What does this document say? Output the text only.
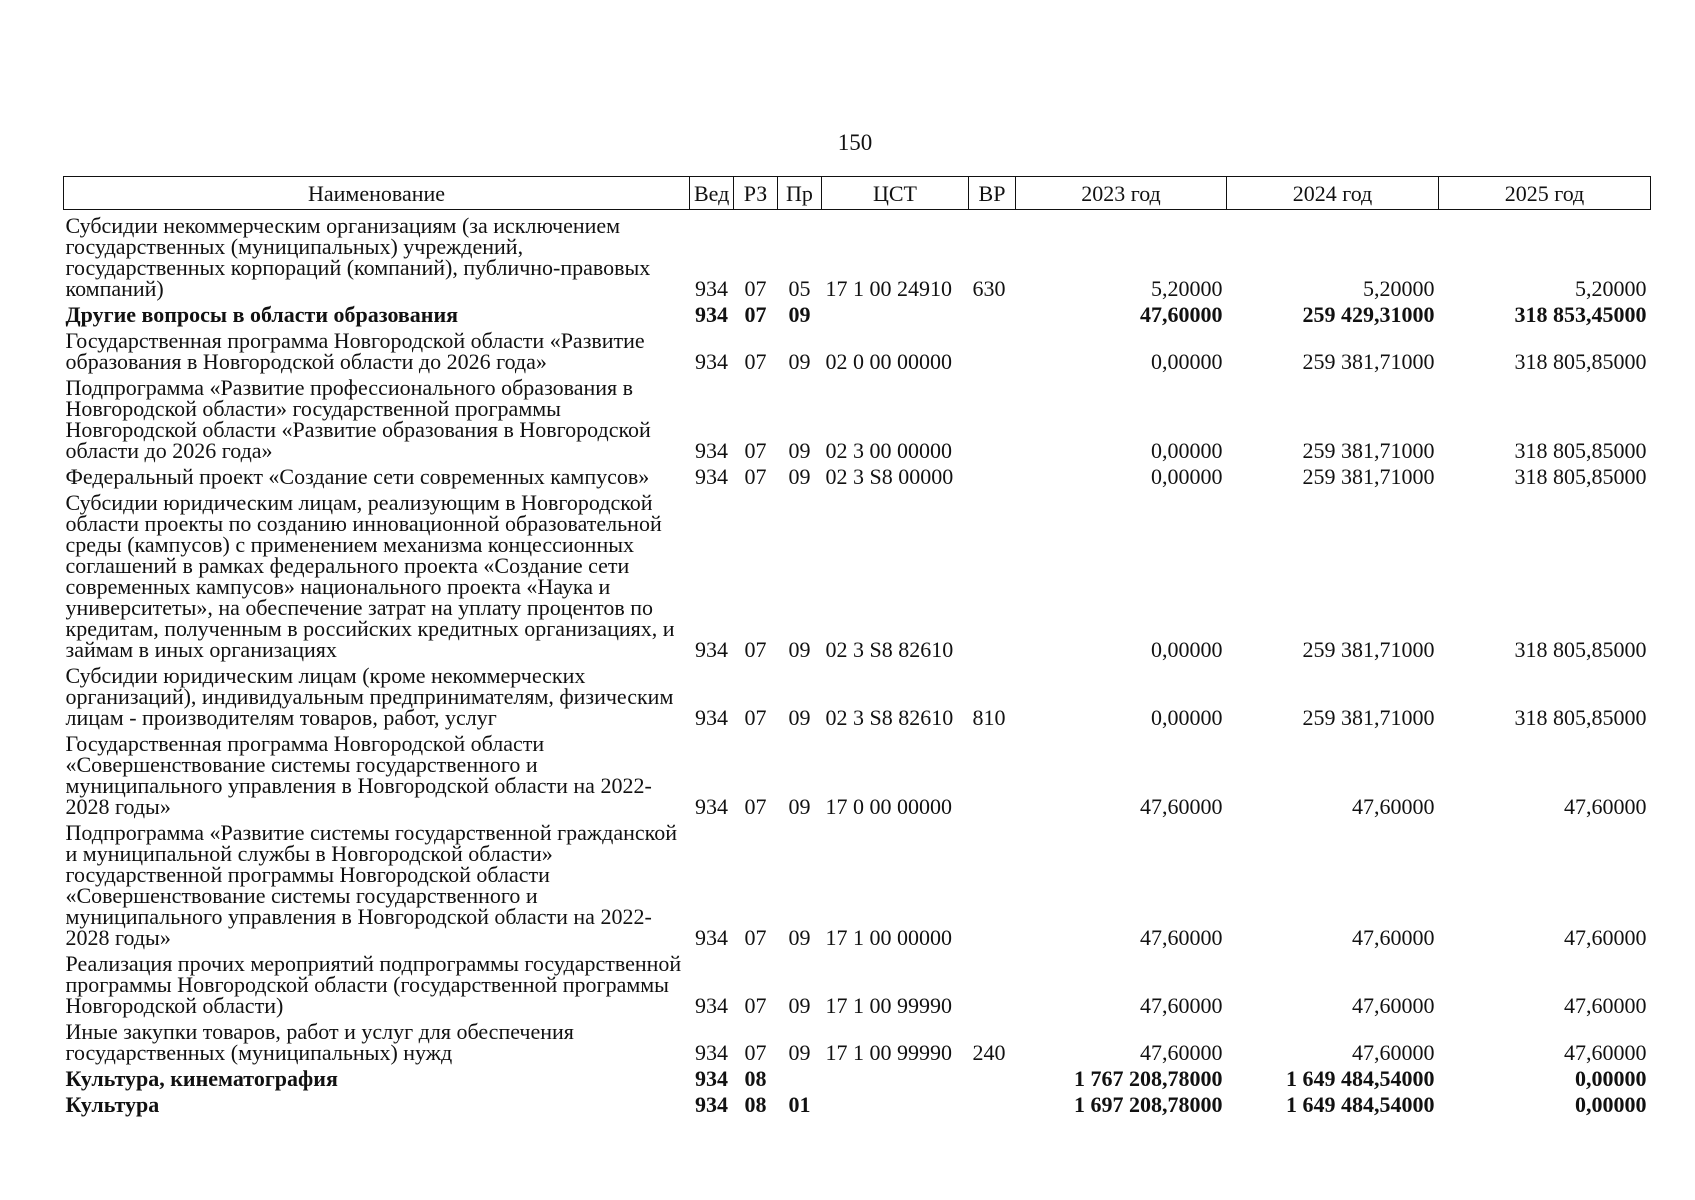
150
Наименование	Вед	РЗ	Пр	ЦСТ	ВР	2023 год	2024 год	2025 год
Субсидии некоммерческим организациям (за исключением государственных (муниципальных) учреждений, государственных корпораций (компаний), публично-правовых компаний)	934	07	05	17 1 00 24910	630	5,20000	5,20000	5,20000
Другие вопросы в области образования	934	07	09			47,60000	259 429,31000	318 853,45000
Государственная программа Новгородской области «Развитие образования в Новгородской области до 2026 года»	934	07	09	02 0 00 00000		0,00000	259 381,71000	318 805,85000
Подпрограмма «Развитие профессионального образования в Новгородской области» государственной программы Новгородской области «Развитие образования в Новгородской области до 2026 года»	934	07	09	02 3 00 00000		0,00000	259 381,71000	318 805,85000
Федеральный проект «Создание сети современных кампусов»	934	07	09	02 3 S8 00000		0,00000	259 381,71000	318 805,85000
Субсидии юридическим лицам, реализующим в Новгородской области проекты по созданию инновационной образовательной среды (кампусов) с применением механизма концессионных соглашений в рамках федерального проекта «Создание сети современных кампусов» национального проекта «Наука и университеты», на обеспечение затрат на уплату процентов по кредитам, полученным в российских кредитных организациях, и займам в иных организациях	934	07	09	02 3 S8 82610		0,00000	259 381,71000	318 805,85000
Субсидии юридическим лицам (кроме некоммерческих организаций), индивидуальным предпринимателям, физическим лицам - производителям товаров, работ, услуг	934	07	09	02 3 S8 82610	810	0,00000	259 381,71000	318 805,85000
Государственная программа Новгородской области «Совершенствование системы государственного и муниципального управления в Новгородской области на 2022-2028 годы»	934	07	09	17 0 00 00000		47,60000	47,60000	47,60000
Подпрограмма «Развитие системы государственной гражданской и муниципальной службы в Новгородской области» государственной программы Новгородской области «Совершенствование системы государственного и муниципального управления в Новгородской области на 2022-2028 годы»	934	07	09	17 1 00 00000		47,60000	47,60000	47,60000
Реализация прочих мероприятий подпрограммы государственной программы Новгородской области (государственной программы Новгородской области)	934	07	09	17 1 00 99990		47,60000	47,60000	47,60000
Иные закупки товаров, работ и услуг для обеспечения государственных (муниципальных) нужд	934	07	09	17 1 00 99990	240	47,60000	47,60000	47,60000
Культура, кинематография	934	08				1 767 208,78000	1 649 484,54000	0,00000
Культура	934	08	01			1 697 208,78000	1 649 484,54000	0,00000
